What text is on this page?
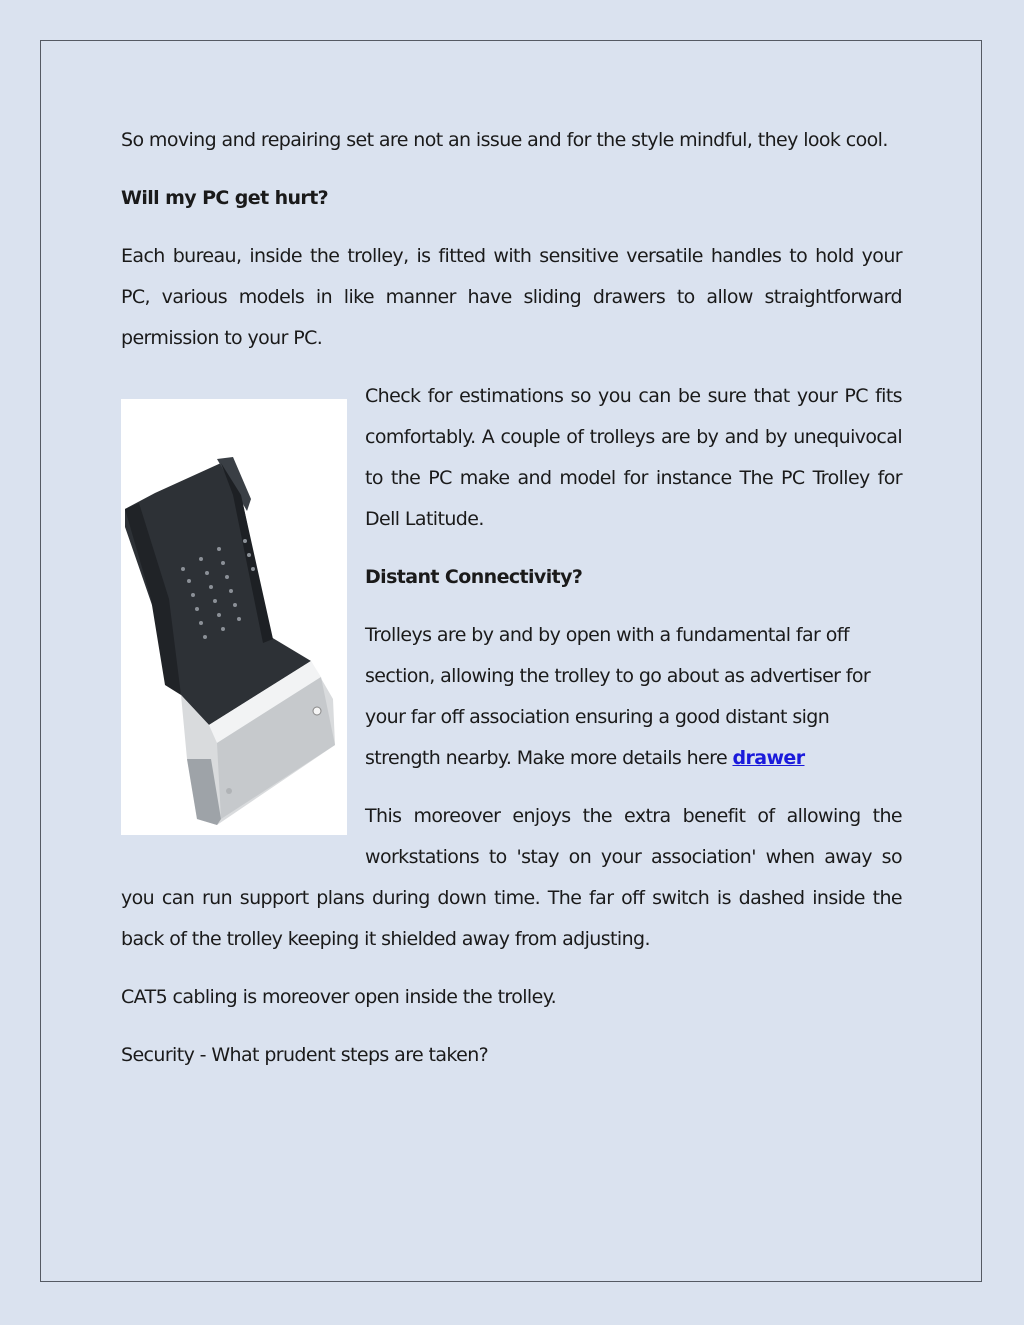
So moving and repairing set are not an issue and for the style mindful, they look cool.

Will my PC get hurt?

Each bureau, inside the trolley, is fitted with sensitive versatile handles to hold your PC, various models in like manner have sliding drawers to allow straightforward permission to your PC.

Check for estimations so you can be sure that your PC fits comfortably. A couple of trolleys are by and by unequivocal to the PC make and model for instance The PC Trolley for Dell Latitude.

Distant Connectivity?

Trolleys are by and by open with a fundamental far off section, allowing the trolley to go about as advertiser for your far off association ensuring a good distant sign strength nearby. Make more details here drawer

This moreover enjoys the extra benefit of allowing the workstations to 'stay on your association' when away so you can run support plans during down time. The far off switch is dashed inside the back of the trolley keeping it shielded away from adjusting.

CAT5 cabling is moreover open inside the trolley.

Security - What prudent steps are taken?
